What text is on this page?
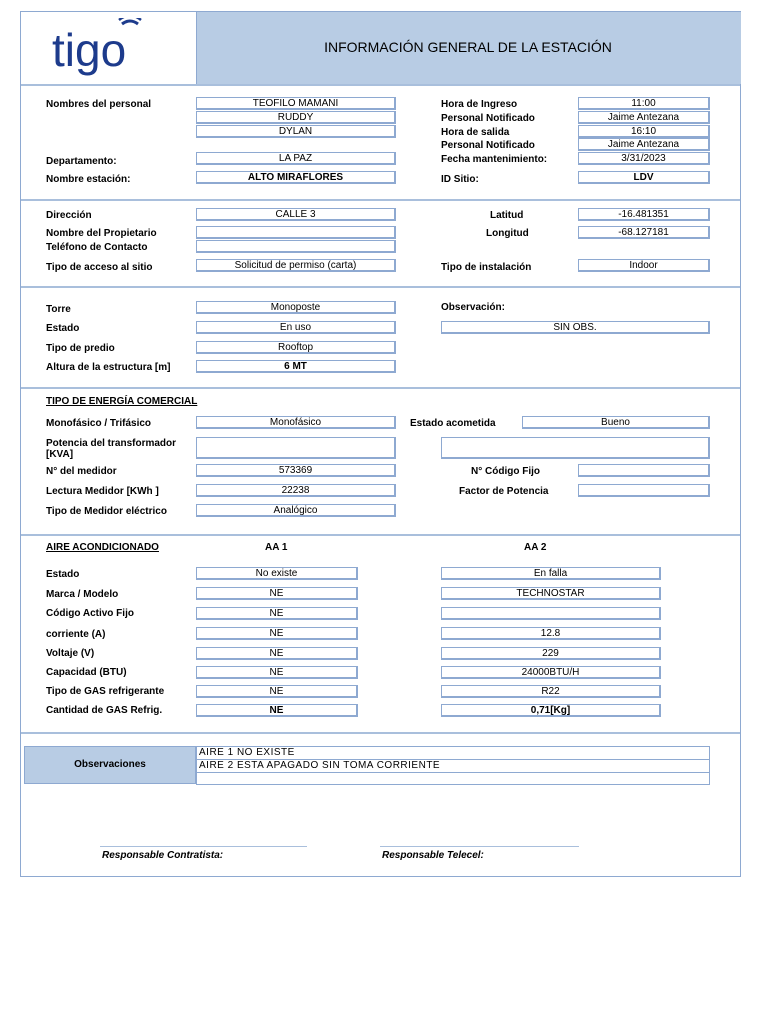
INFORMACIÓN GENERAL DE LA ESTACIÓN
tigo
Nombres del personal	TEOFILO MAMANI
RUDDY
DYLAN
Departamento:	LA PAZ
Nombre estación:	ALTO MIRAFLORES
Hora de Ingreso	11:00
Personal Notificado	Jaime Antezana
Hora de salida	16:10
Personal Notificado	Jaime Antezana
Fecha mantenimiento:	3/31/2023
ID Sitio:	LDV
Dirección	CALLE 3
Nombre del Propietario
Teléfono de Contacto
Tipo de acceso al sitio	Solicitud de permiso (carta)
Latitud	-16.481351
Longitud	-68.127181
Tipo de instalación	Indoor
Torre	Monoposte
Estado	En uso
Tipo de predio	Rooftop
Altura de la estructura [m]	6 MT
Observación:
SIN OBS.
TIPO DE ENERGÍA COMERCIAL
Monofásico / Trifásico	Monofásico	Estado acometida	Bueno
Potencia del transformador [KVA]
N° del medidor	573369	N° Código Fijo
Lectura Medidor [KWh ]	22238	Factor de Potencia
Tipo de Medidor eléctrico	Analógico
AIRE ACONDICIONADO	AA 1	AA 2
Estado	No existe	En falla
Marca / Modelo	NE	TECHNOSTAR
Código Activo Fijo	NE
corriente (A)	NE	12.8
Voltaje (V)	NE	229
Capacidad (BTU)	NE	24000BTU/H
Tipo de GAS refrigerante	NE	R22
Cantidad de GAS Refrig.	NE	0,71[Kg]
Observaciones
AIRE 1 NO EXISTE
AIRE 2 ESTA APAGADO SIN TOMA CORRIENTE
Responsable Contratista:	Responsable Telecel:
